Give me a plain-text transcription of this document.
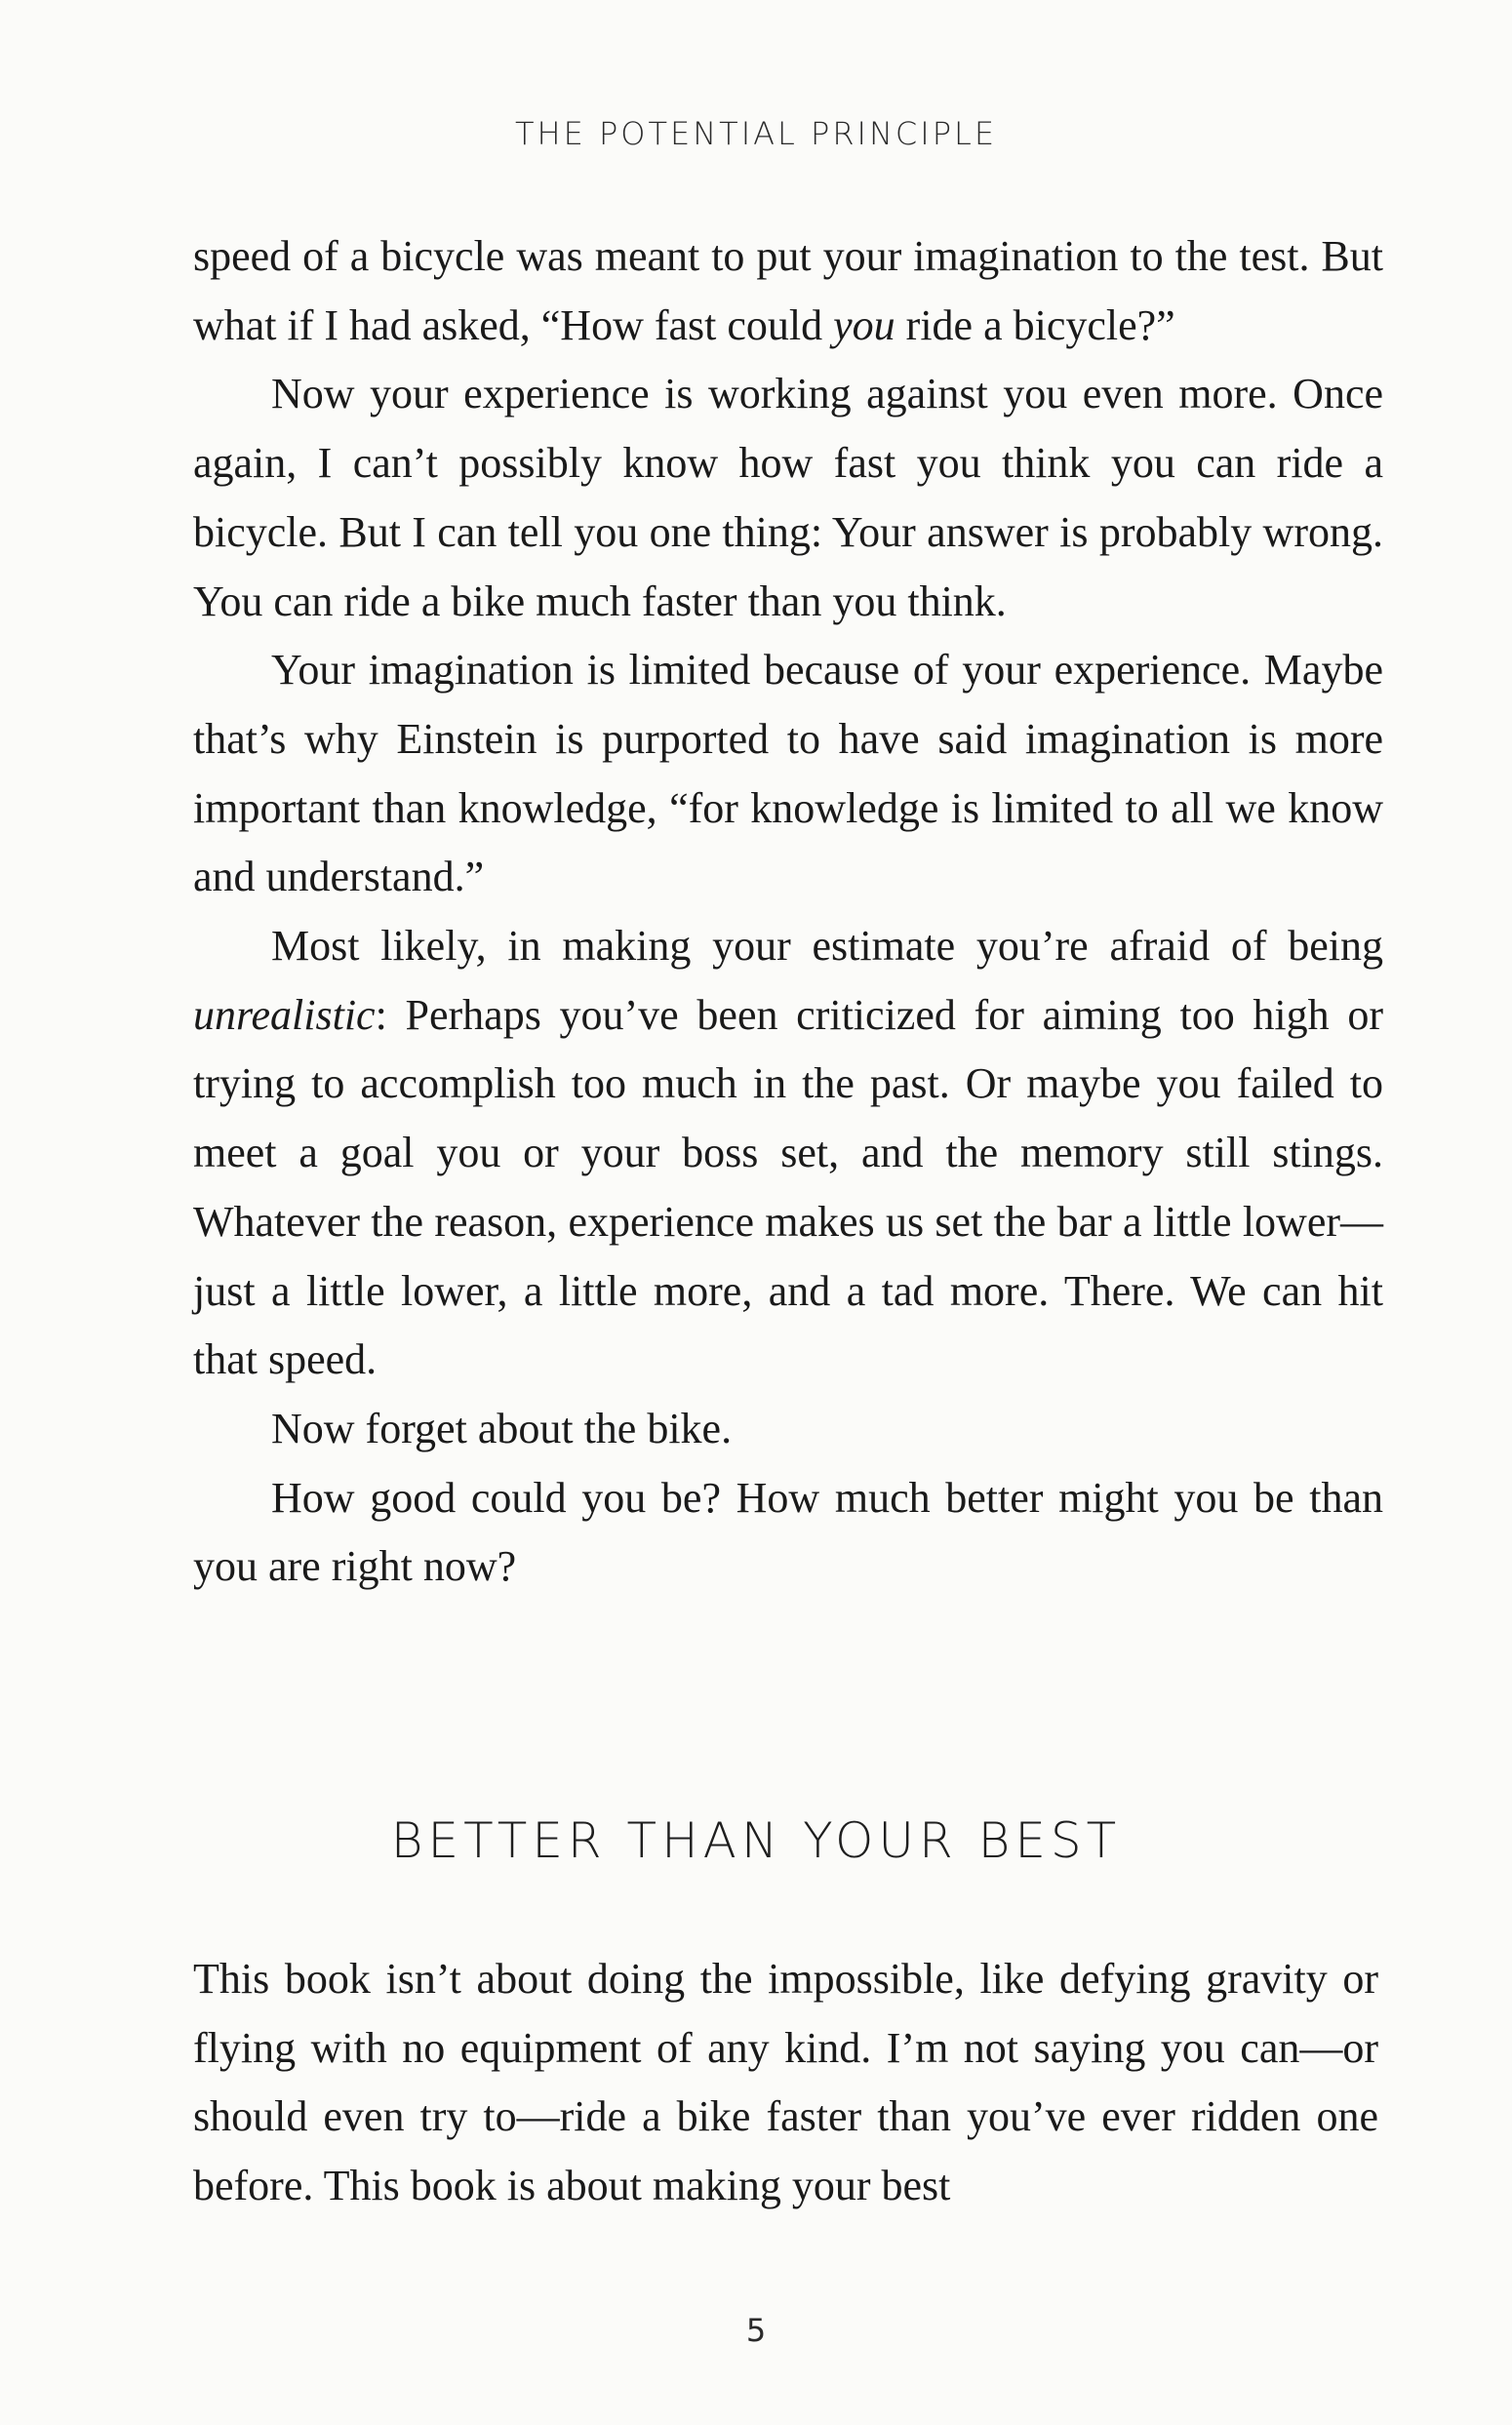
THE POTENTIAL PRINCIPLE

speed of a bicycle was meant to put your imagination to the test. But what if I had asked, “How fast could you ride a bicycle?”

Now your experience is working against you even more. Once again, I can’t possibly know how fast you think you can ride a bicycle. But I can tell you one thing: Your answer is probably wrong. You can ride a bike much faster than you think.

Your imagination is limited because of your experience. Maybe that’s why Einstein is purported to have said imagination is more important than knowledge, “for knowledge is limited to all we know and understand.”

Most likely, in making your estimate you’re afraid of being unrealistic: Perhaps you’ve been criticized for aiming too high or trying to accomplish too much in the past. Or maybe you failed to meet a goal you or your boss set, and the memory still stings. Whatever the reason, experience makes us set the bar a little lower—just a little lower, a little more, and a tad more. There. We can hit that speed.

Now forget about the bike.

How good could you be? How much better might you be than you are right now?

BETTER THAN YOUR BEST

This book isn’t about doing the impossible, like defying gravity or flying with no equipment of any kind. I’m not saying you can—or should even try to—ride a bike faster than you’ve ever ridden one before. This book is about making your best

5
